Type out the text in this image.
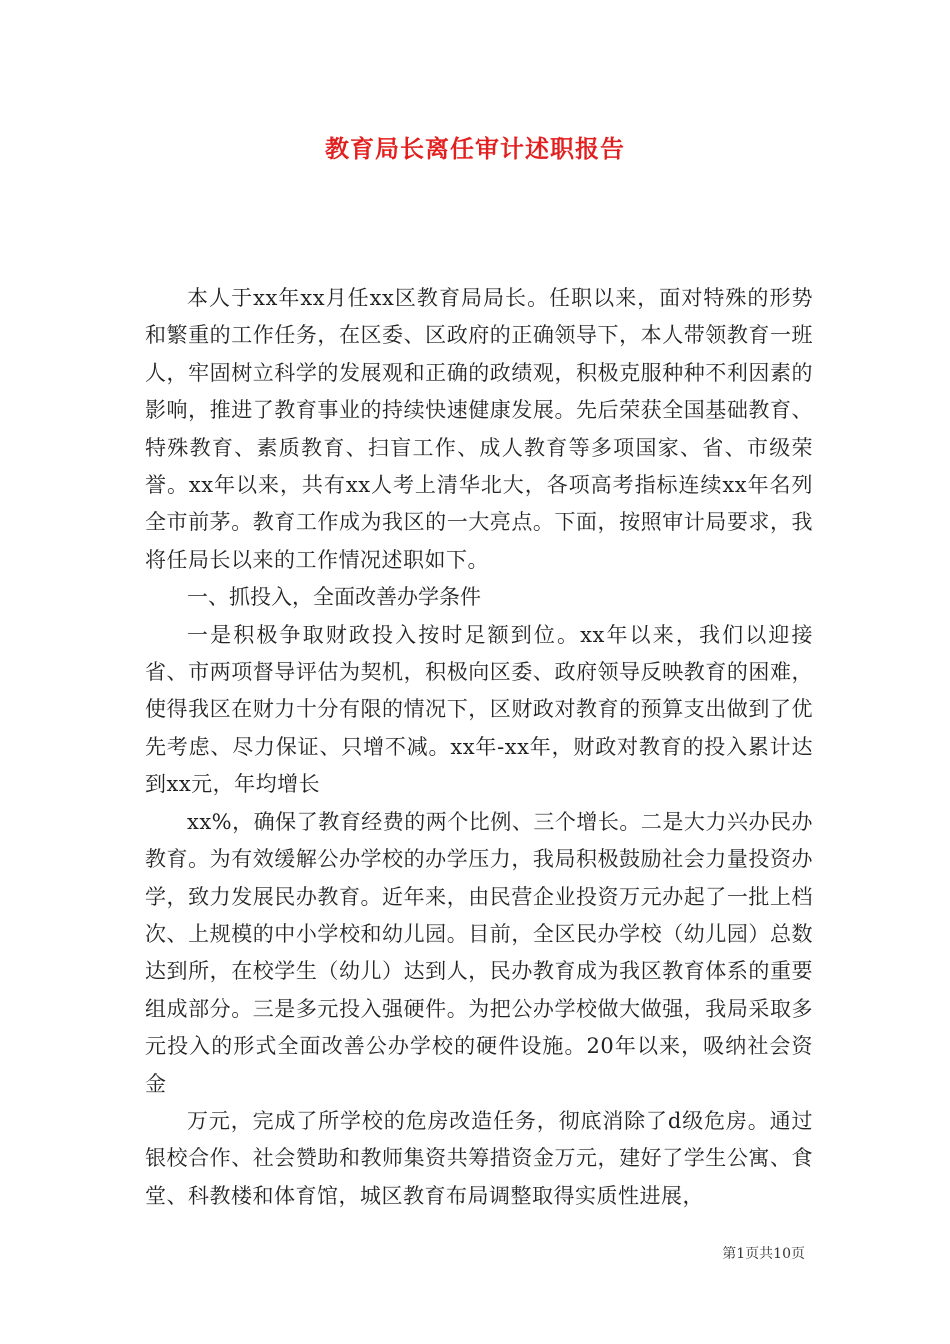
教育局长离任审计述职报告

本人于xx年xx月任xx区教育局局长。任职以来，面对特殊的形势和繁重的工作任务，在区委、区政府的正确领导下，本人带领教育一班人，牢固树立科学的发展观和正确的政绩观，积极克服种种不利因素的影响，推进了教育事业的持续快速健康发展。先后荣获全国基础教育、特殊教育、素质教育、扫盲工作、成人教育等多项国家、省、市级荣誉。xx年以来，共有xx人考上清华北大，各项高考指标连续xx年名列全市前茅。教育工作成为我区的一大亮点。下面，按照审计局要求，我将任局长以来的工作情况述职如下。

一、抓投入，全面改善办学条件

一是积极争取财政投入按时足额到位。xx年以来，我们以迎接省、市两项督导评估为契机，积极向区委、政府领导反映教育的困难，使得我区在财力十分有限的情况下，区财政对教育的预算支出做到了优先考虑、尽力保证、只增不减。xx年-xx年，财政对教育的投入累计达到xx元，年均增长

xx%，确保了教育经费的两个比例、三个增长。二是大力兴办民办教育。为有效缓解公办学校的办学压力，我局积极鼓励社会力量投资办学，致力发展民办教育。近年来，由民营企业投资万元办起了一批上档次、上规模的中小学校和幼儿园。目前，全区民办学校（幼儿园）总数达到所，在校学生（幼儿）达到人，民办教育成为我区教育体系的重要组成部分。三是多元投入强硬件。为把公办学校做大做强，我局采取多元投入的形式全面改善公办学校的硬件设施。20年以来，吸纳社会资金

万元，完成了所学校的危房改造任务，彻底消除了d级危房。通过银校合作、社会赞助和教师集资共筹措资金万元，建好了学生公寓、食堂、科教楼和体育馆，城区教育布局调整取得实质性进展，

第1页共10页
